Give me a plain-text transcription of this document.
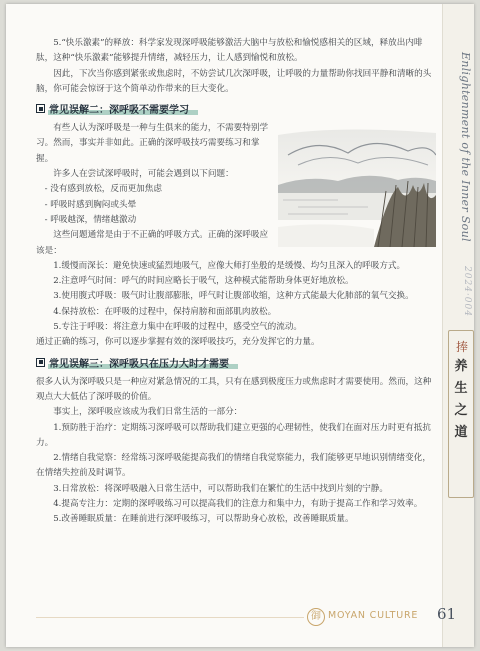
5.“快乐激素”的释放：科学家发现深呼吸能够激活大脑中与放松和愉悦感相关的区域，释放出内啡肽，这种“快乐激素”能够提升情绪，减轻压力，让人感到愉悦和放松。

因此，下次当你感到紧张或焦虑时，不妨尝试几次深呼吸，让呼吸的力量帮助你找回平静和清晰的头脑，你可能会惊讶于这个简单动作带来的巨大变化。

常见误解二：深呼吸不需要学习

有些人认为深呼吸是一种与生俱来的能力，不需要特别学习。然而，事实并非如此。正确的深呼吸技巧需要练习和掌握。

许多人在尝试深呼吸时，可能会遇到以下问题：

- 没有感到放松，反而更加焦虑

- 呼吸时感到胸闷或头晕

- 呼吸越深，情绪越激动

这些问题通常是由于不正确的呼吸方式。正确的深呼吸应该是：

1.缓慢而深长：避免快速或猛烈地吸气，应像大师打坐般的是缓慢、均匀且深入的呼吸方式。

2.注意呼气时间：呼气的时间应略长于吸气，这种模式能帮助身体更好地放松。

3.使用腹式呼吸：吸气时让腹部膨胀，呼气时让腹部收缩，这种方式能最大化肺部的氧气交换。

4.保持放松：在呼吸的过程中，保持肩膀和面部肌肉放松。

5.专注于呼吸：将注意力集中在呼吸的过程中，感受空气的流动。

通过正确的练习，你可以逐步掌握有效的深呼吸技巧，充分发挥它的力量。

常见误解三：深呼吸只在压力大时才需要

很多人认为深呼吸只是一种应对紧急情况的工具，只有在感到极度压力或焦虑时才需要使用。然而，这种观点大大低估了深呼吸的价值。

事实上，深呼吸应该成为我们日常生活的一部分：

1.预防胜于治疗：定期练习深呼吸可以帮助我们建立更强的心理韧性，使我们在面对压力时更有抵抗力。

2.情绪自我觉察：经常练习深呼吸能提高我们的情绪自我觉察能力，我们能够更早地识别情绪变化，在情绪失控前及时调节。

3.日常放松：将深呼吸融入日常生活中，可以帮助我们在繁忙的生活中找到片刻的宁静。

4.提高专注力：定期的深呼吸练习可以提高我们的注意力和集中力，有助于提高工作和学习效率。

5.改善睡眠质量：在睡前进行深呼吸练习，可以帮助身心放松，改善睡眠质量。

Enlightenment of the Inner Soul
2024·004
捧
养
生
之
道
御 MOYAN CULTURE 61
